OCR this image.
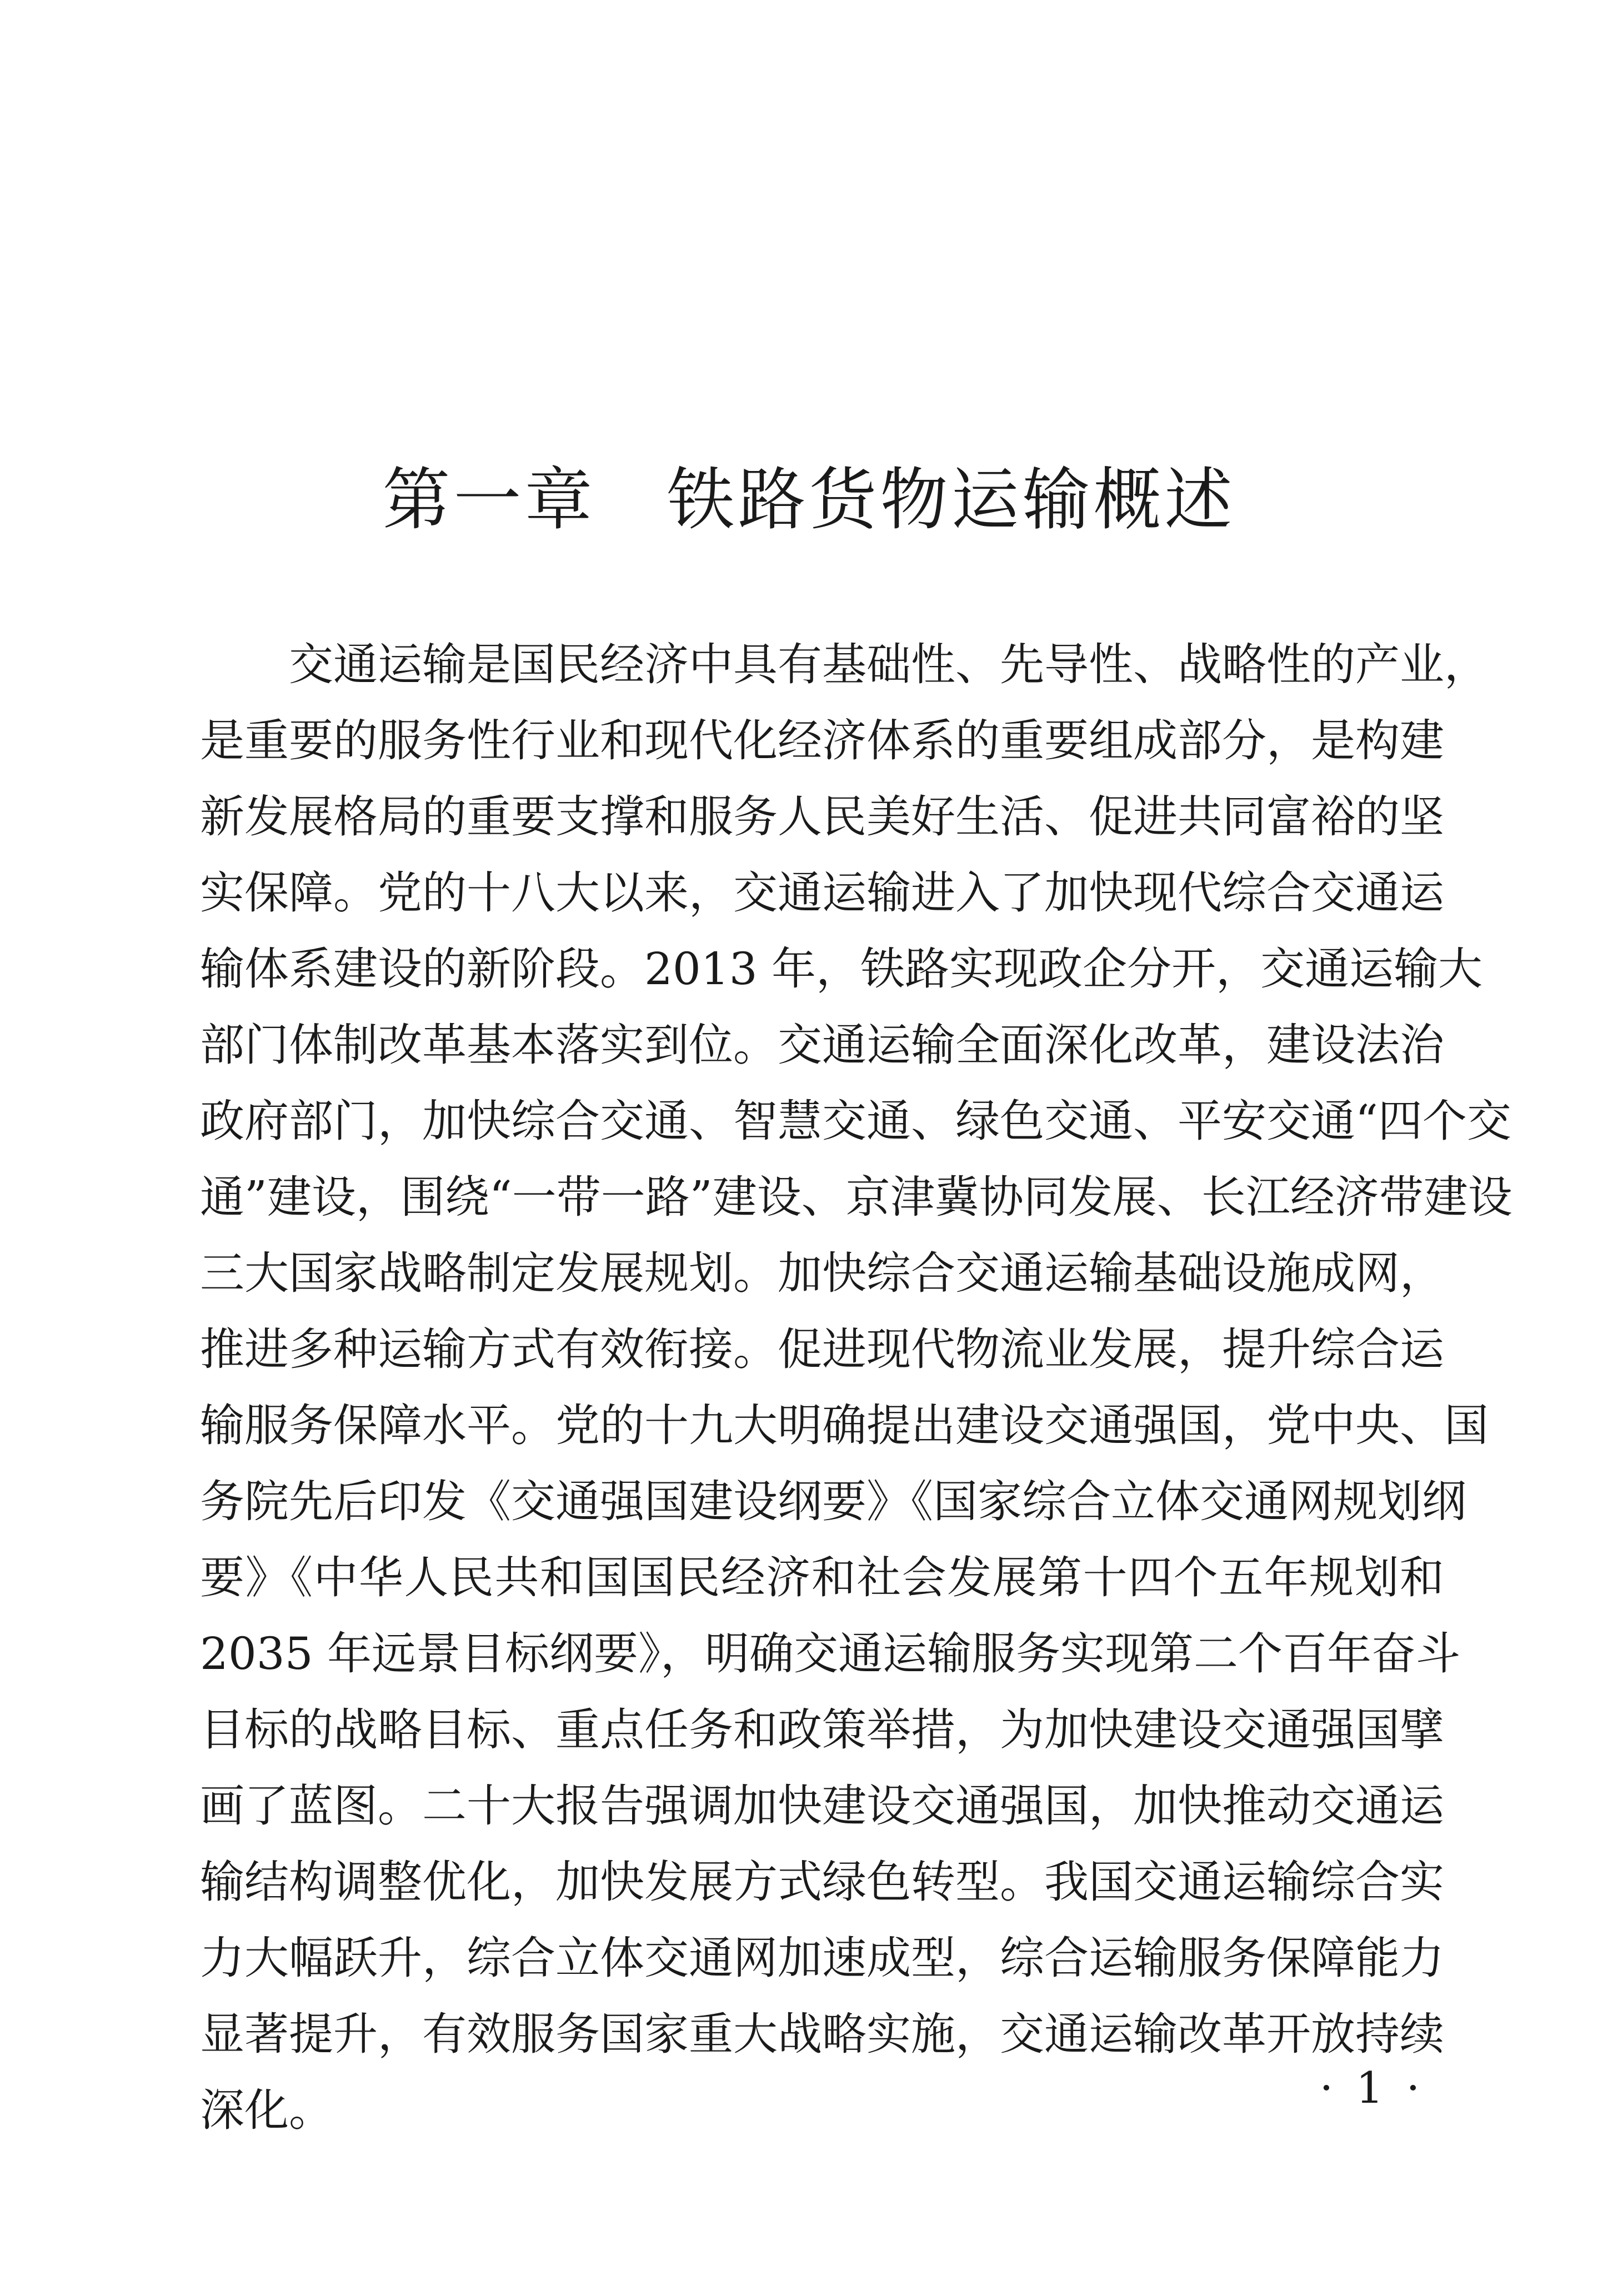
第一章　铁路货物运输概述
交通运输是国民经济中具有基础性、先导性、战略性的产业，
是重要的服务性行业和现代化经济体系的重要组成部分，是构建
新发展格局的重要支撑和服务人民美好生活、促进共同富裕的坚
实保障。党的十八大以来，交通运输进入了加快现代综合交通运
输体系建设的新阶段。2013 年，铁路实现政企分开，交通运输大
部门体制改革基本落实到位。交通运输全面深化改革，建设法治
政府部门，加快综合交通、智慧交通、绿色交通、平安交通“四个交
通”建设，围绕“一带一路”建设、京津冀协同发展、长江经济带建设
三大国家战略制定发展规划。加快综合交通运输基础设施成网，
推进多种运输方式有效衔接。促进现代物流业发展，提升综合运
输服务保障水平。党的十九大明确提出建设交通强国，党中央、国
务院先后印发《交通强国建设纲要》《国家综合立体交通网规划纲
要》《中华人民共和国国民经济和社会发展第十四个五年规划和
2035 年远景目标纲要》，明确交通运输服务实现第二个百年奋斗
目标的战略目标、重点任务和政策举措，为加快建设交通强国擘
画了蓝图。二十大报告强调加快建设交通强国，加快推动交通运
输结构调整优化，加快发展方式绿色转型。我国交通运输综合实
力大幅跃升，综合立体交通网加速成型，综合运输服务保障能力
显著提升，有效服务国家重大战略实施，交通运输改革开放持续
深化。	· 1 ·
